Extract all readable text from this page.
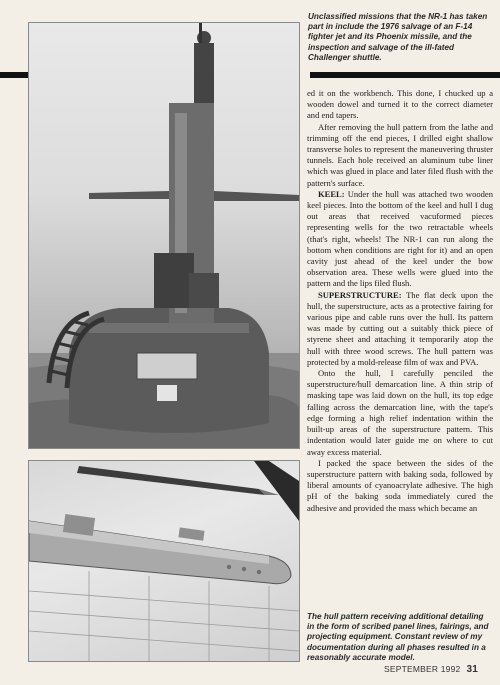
Unclassified missions that the NR-1 has taken part in include the 1976 salvage of an F-14 fighter jet and its Phoenix missile, and the inspection and salvage of the ill-fated Challenger shuttle.
The hull pattern receiving additional detailing in the form of scribed panel lines, fairings, and projecting equipment. Constant review of my documentation during all phases resulted in a reasonably accurate model.

ed it on the workbench. This done, I chucked up a wooden dowel and turned it to the correct diameter and end tapers.

After removing the hull pattern from the lathe and trimming off the end pieces, I drilled eight shallow transverse holes to represent the maneuvering thruster tunnels. Each hole received an aluminum tube liner which was glued in place and later filed flush with the pattern's surface.

KEEL: Under the hull was attached two wooden keel pieces. Into the bottom of the keel and hull I dug out areas that received vacuformed pieces representing wells for the two retractable wheels (that's right, wheels! The NR-1 can run along the bottom when conditions are right for it) and an open cavity just ahead of the keel under the bow observation area. These wells were glued into the pattern and the lips filed flush.

SUPERSTRUCTURE: The flat deck upon the hull, the superstructure, acts as a protective fairing for various pipe and cable runs over the hull. Its pattern was made by cutting out a suitably thick piece of styrene sheet and attaching it temporarily atop the hull with three wood screws. The hull pattern was protected by a mold-release film of wax and PVA.

Onto the hull, I carefully penciled the superstructure/hull demarcation line. A thin strip of masking tape was laid down on the hull, its top edge falling across the demarcation line, with the tape's edge forming a high relief indentation within the built-up areas of the superstructure pattern. This indentation would later guide me on where to cut away excess material.

I packed the space between the sides of the superstructure pattern with baking soda, followed by liberal amounts of cyanoacrylate adhesive. The high pH of the baking soda immediately cured the adhesive and provided the mass which became an

SEPTEMBER 1992 31
